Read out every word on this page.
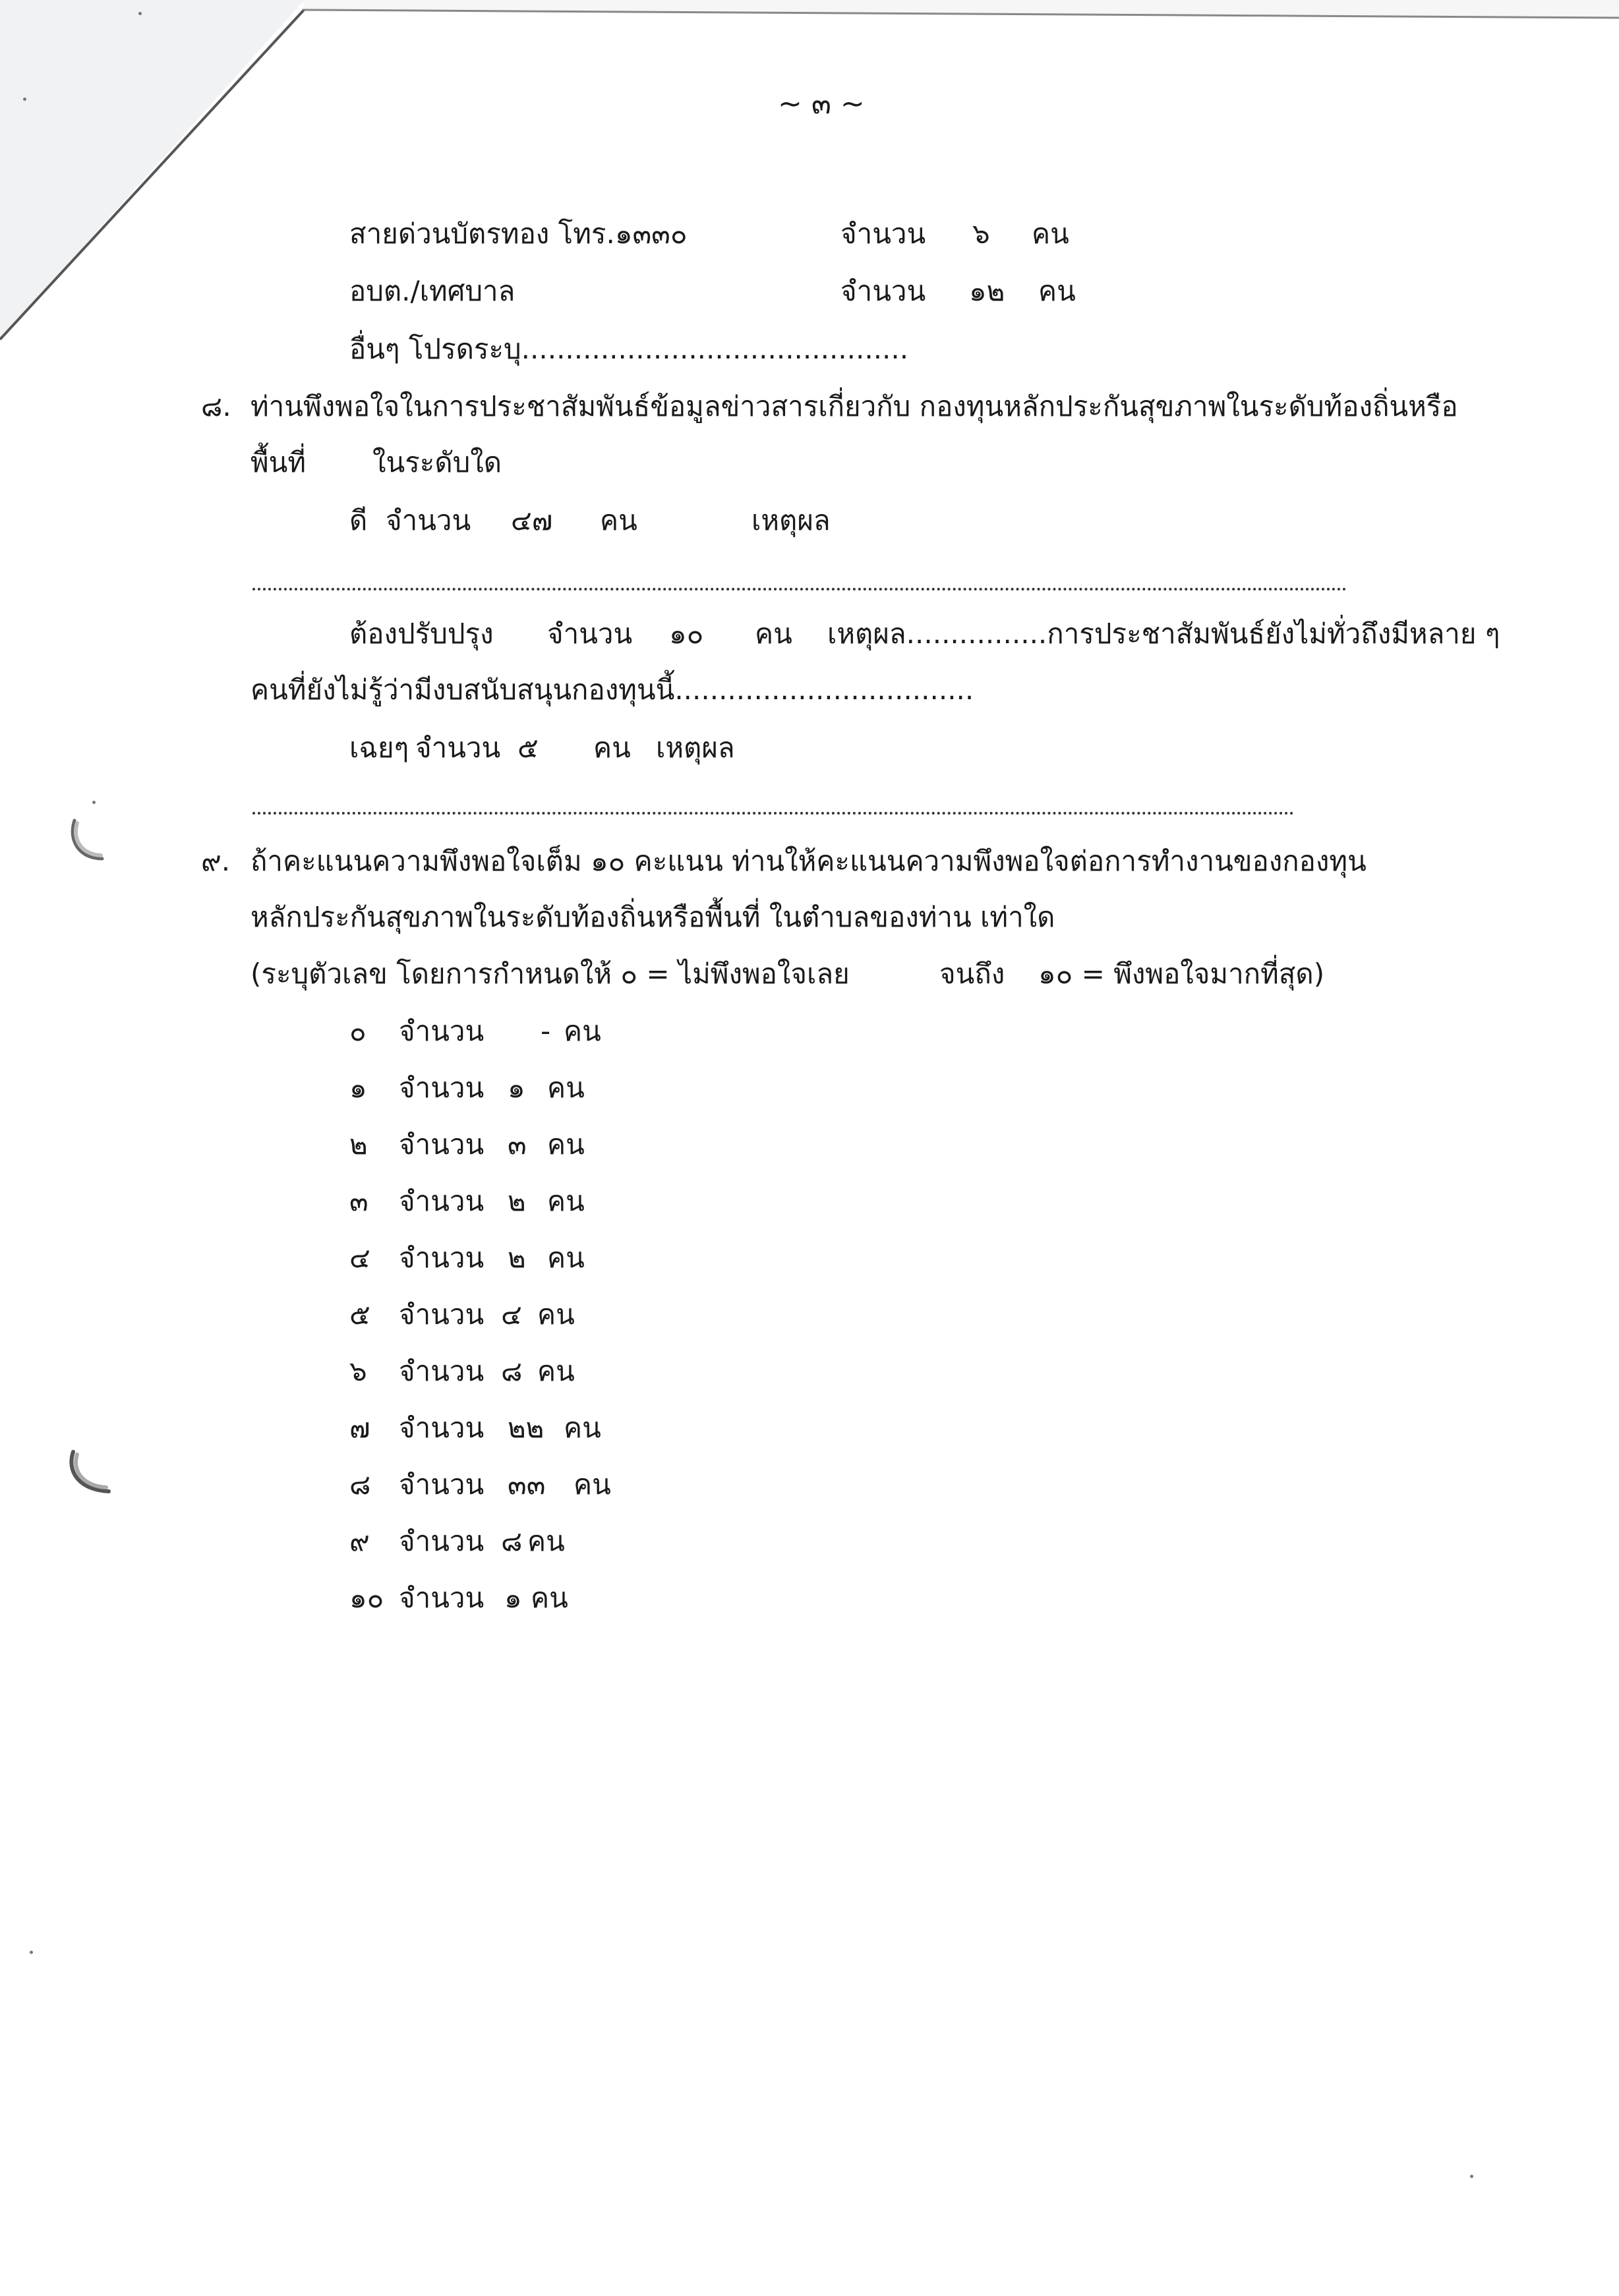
~ ๓ ~
สายด่วนบัตรทอง โทร.๑๓๓๐	จำนวน ๖ คน
อบต./เทศบาล	จำนวน ๑๒ คน
อื่นๆ โปรดระบุ............................................
๘. ท่านพึงพอใจในการประชาสัมพันธ์ข้อมูลข่าวสารเกี่ยวกับ กองทุนหลักประกันสุขภาพในระดับท้องถิ่นหรือ
พื้นที่ ในระดับใด
ดี จำนวน ๔๗ คน	เหตุผล
ต้องปรับปรุง จำนวน ๑๐ คน เหตุผล................การประชาสัมพันธ์ยังไม่ทั่วถึงมีหลาย ๆ
คนที่ยังไม่รู้ว่ามีงบสนับสนุนกองทุนนี้..................................
เฉยๆ จำนวน ๕ คน เหตุผล
๙. ถ้าคะแนนความพึงพอใจเต็ม ๑๐ คะแนน ท่านให้คะแนนความพึงพอใจต่อการทำงานของกองทุน
หลักประกันสุขภาพในระดับท้องถิ่นหรือพื้นที่ ในตำบลของท่าน เท่าใด
(ระบุตัวเลข โดยการกำหนดให้ ๐ = ไม่พึงพอใจเลย	จนถึง ๑๐ = พึงพอใจมากที่สุด)
๐ จำนวน - คน
๑ จำนวน ๑ คน
๒ จำนวน ๓ คน
๓ จำนวน ๒ คน
๔ จำนวน ๒ คน
๕ จำนวน ๔ คน
๖ จำนวน ๘ คน
๗ จำนวน ๒๒ คน
๘ จำนวน ๓๓ คน
๙ จำนวน ๘ คน
๑๐ จำนวน ๑ คน
